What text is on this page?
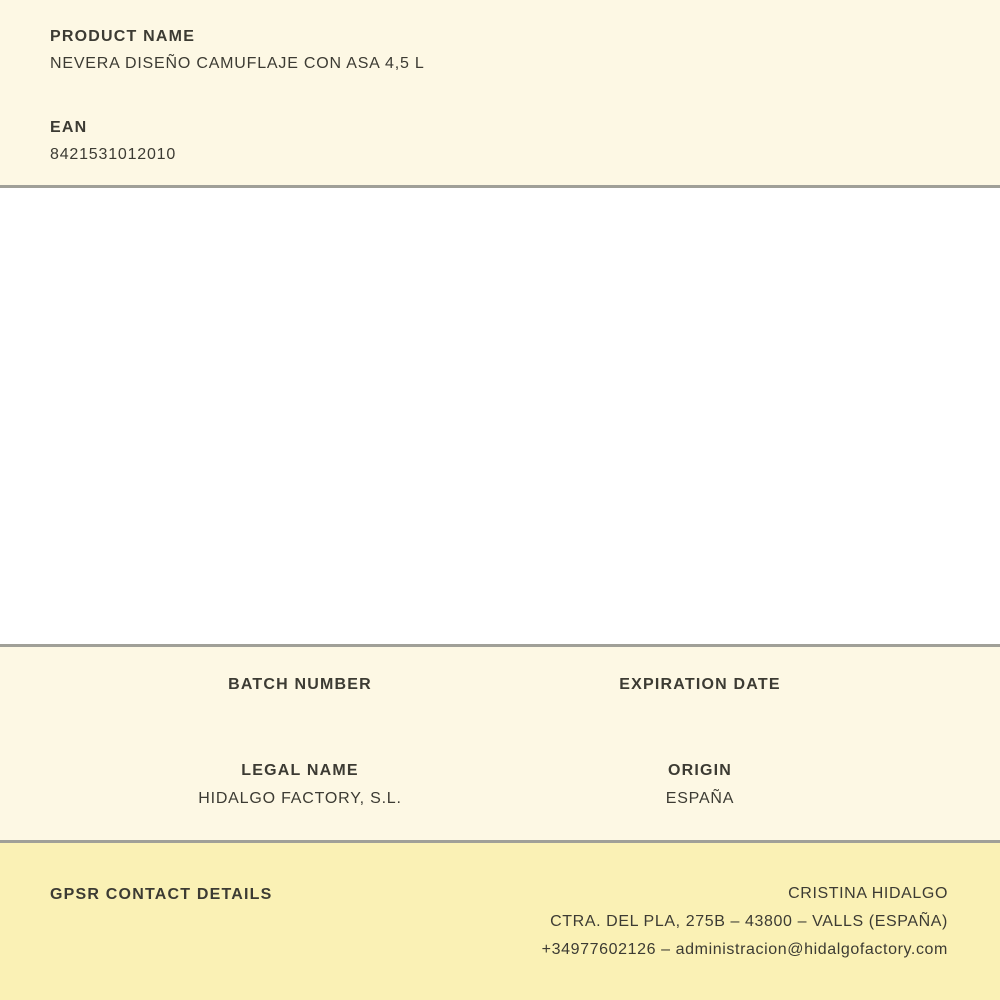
PRODUCT NAME
NEVERA DISEÑO CAMUFLAJE CON ASA 4,5 L
EAN
8421531012010
BATCH NUMBER	EXPIRATION DATE
LEGAL NAME
HIDALGO FACTORY, S.L.
ORIGIN
ESPAÑA
GPSR CONTACT DETAILS	CRISTINA HIDALGO
CTRA. DEL PLA, 275B – 43800 – VALLS (ESPAÑA)
+34977602126 – administracion@hidalgofactory.com
